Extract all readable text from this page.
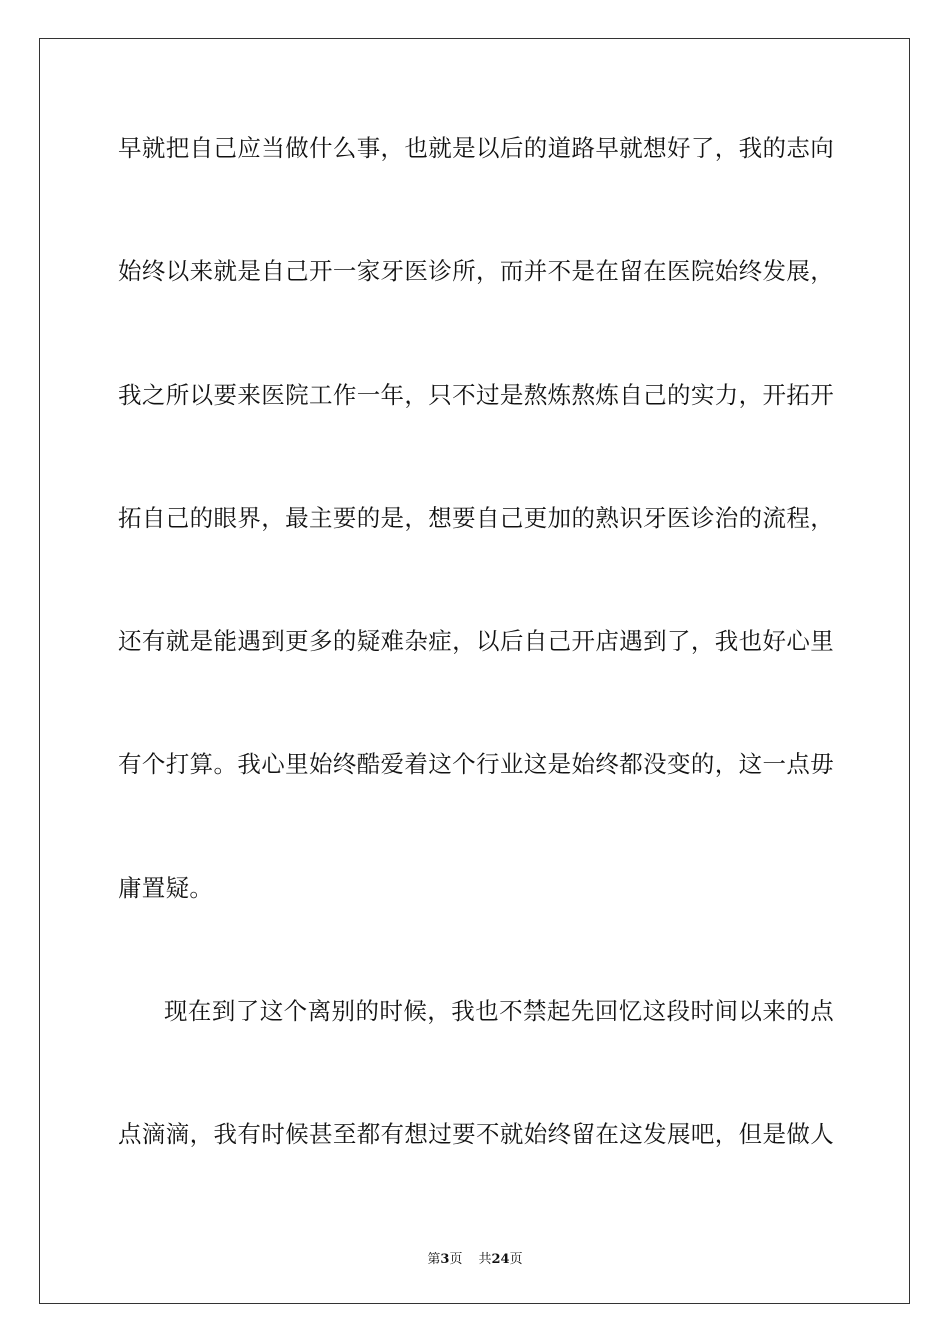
早就把自己应当做什么事，也就是以后的道路早就想好了，我的志向
始终以来就是自己开一家牙医诊所，而并不是在留在医院始终发展，
我之所以要来医院工作一年，只不过是熬炼熬炼自己的实力，开拓开
拓自己的眼界，最主要的是，想要自己更加的熟识牙医诊治的流程，
还有就是能遇到更多的疑难杂症，以后自己开店遇到了，我也好心里
有个打算。我心里始终酷爱着这个行业这是始终都没变的，这一点毋
庸置疑。
现在到了这个离别的时候，我也不禁起先回忆这段时间以来的点
点滴滴，我有时候甚至都有想过要不就始终留在这发展吧，但是做人
第3页 共24页
